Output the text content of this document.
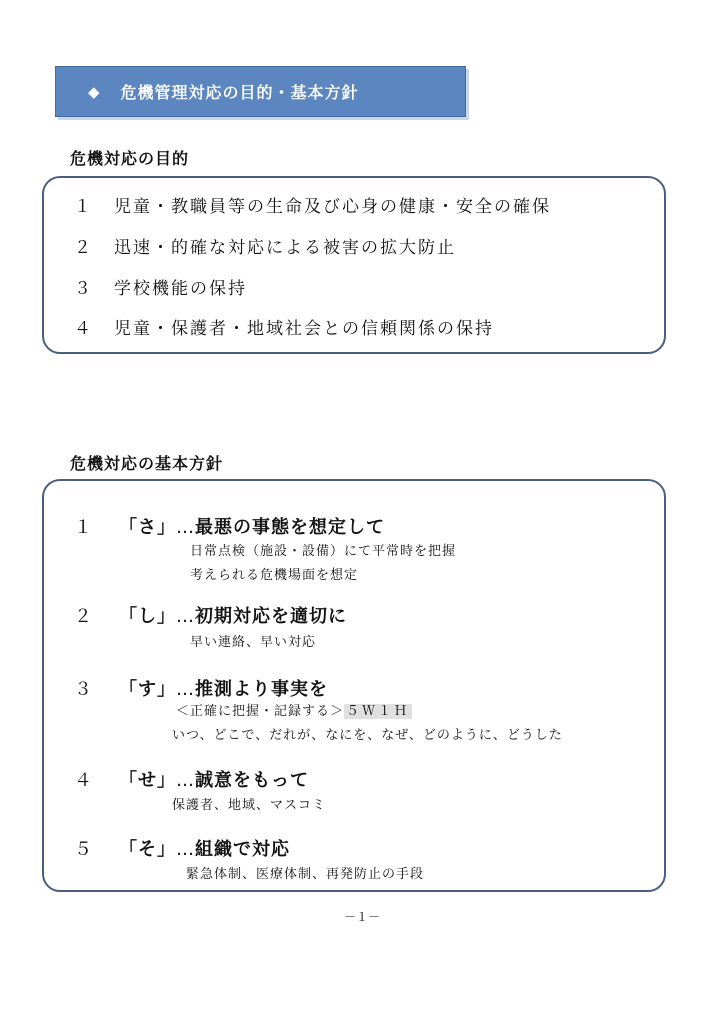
◆ 危機管理対応の目的・基本方針
危機対応の目的
１ 児童・教職員等の生命及び心身の健康・安全の確保
２ 迅速・的確な対応による被害の拡大防止
３ 学校機能の保持
４ 児童・保護者・地域社会との信頼関係の保持
危機対応の基本方針
１ 「さ」…最悪の事態を想定して
日常点検（施設・設備）にて平常時を把握
考えられる危機場面を想定
２ 「し」…初期対応を適切に
早い連絡、早い対応
３ 「す」…推測より事実を
＜正確に把握・記録する＞ ５Ｗ１Ｈ
いつ、どこで、だれが、なにを、なぜ、どのように、どうした
４ 「せ」…誠意をもって
保護者、地域、マスコミ
５ 「そ」…組織で対応
緊急体制、医療体制、再発防止の手段
－１－
